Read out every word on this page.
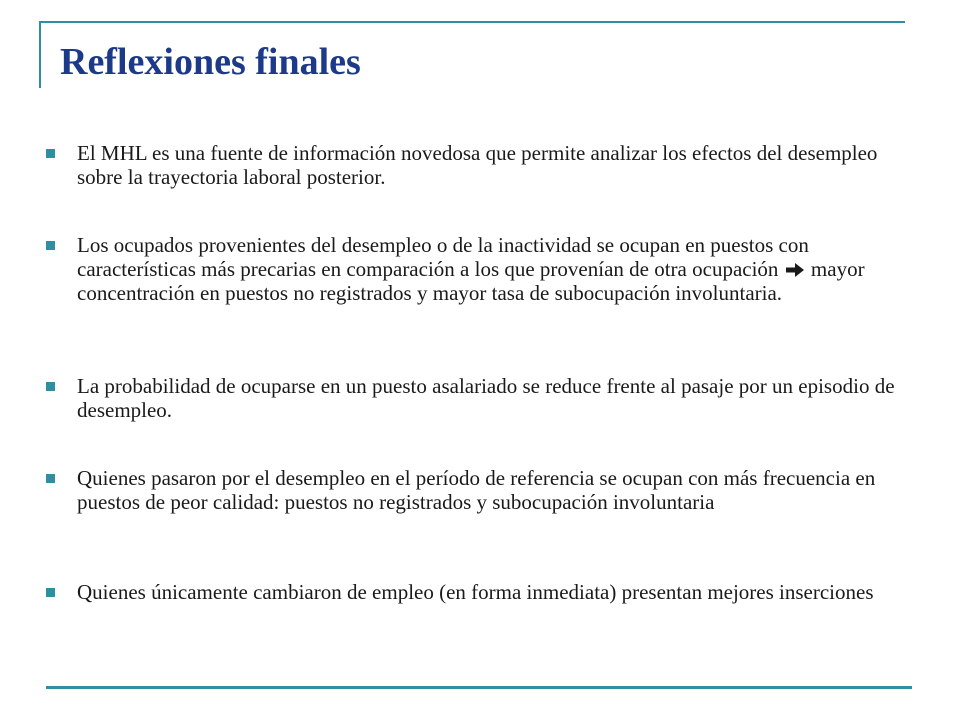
Reflexiones finales

El MHL es una fuente de información novedosa que permite analizar los efectos del desempleo sobre la trayectoria laboral posterior.

Los ocupados provenientes del desempleo o de la inactividad se ocupan en puestos con características más precarias en comparación a los que provenían de otra ocupación mayor concentración en puestos no registrados y mayor tasa de subocupación involuntaria.

La probabilidad de ocuparse en un puesto asalariado se reduce frente al pasaje por un episodio de desempleo.

Quienes pasaron por el desempleo en el período de referencia se ocupan con más frecuencia en puestos de peor calidad: puestos no registrados y subocupación involuntaria

Quienes únicamente cambiaron de empleo (en forma inmediata) presentan mejores inserciones
